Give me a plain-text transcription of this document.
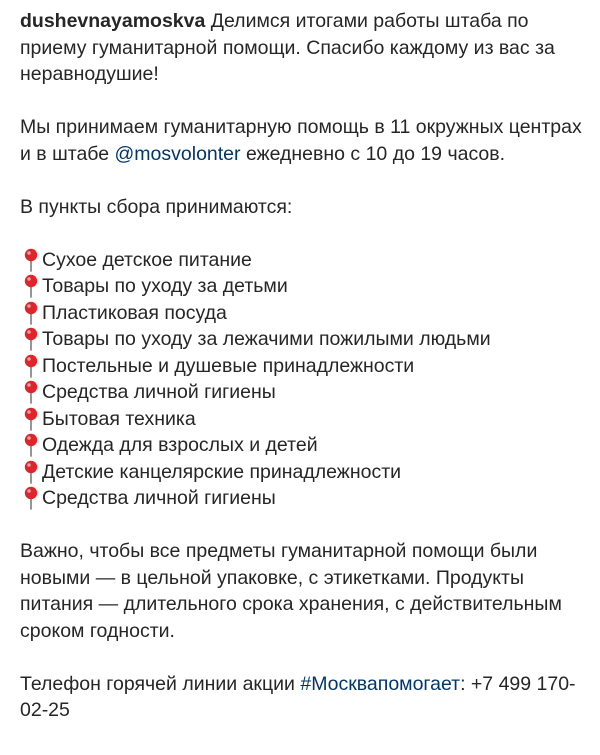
dushevnayamoskva Делимся итогами работы штаба по приему гуманитарной помощи. Спасибо каждому из вас за неравнодушие!

Мы принимаем гуманитарную помощь в 11 окружных центрах и в штабе @mosvolonter ежедневно с 10 до 19 часов.

В пункты сбора принимаются:

Сухое детское питание
Товары по уходу за детьми
Пластиковая посуда
Товары по уходу за лежачими пожилыми людьми
Постельные и душевые принадлежности
Средства личной гигиены
Бытовая техника
Одежда для взрослых и детей
Детские канцелярские принадлежности
Средства личной гигиены

Важно, чтобы все предметы гуманитарной помощи были новыми — в цельной упаковке, с этикетками. Продукты питания — длительного срока хранения, с действительным сроком годности.

Телефон горячей линии акции #Москвапомогает: +7 499 170-02-25
